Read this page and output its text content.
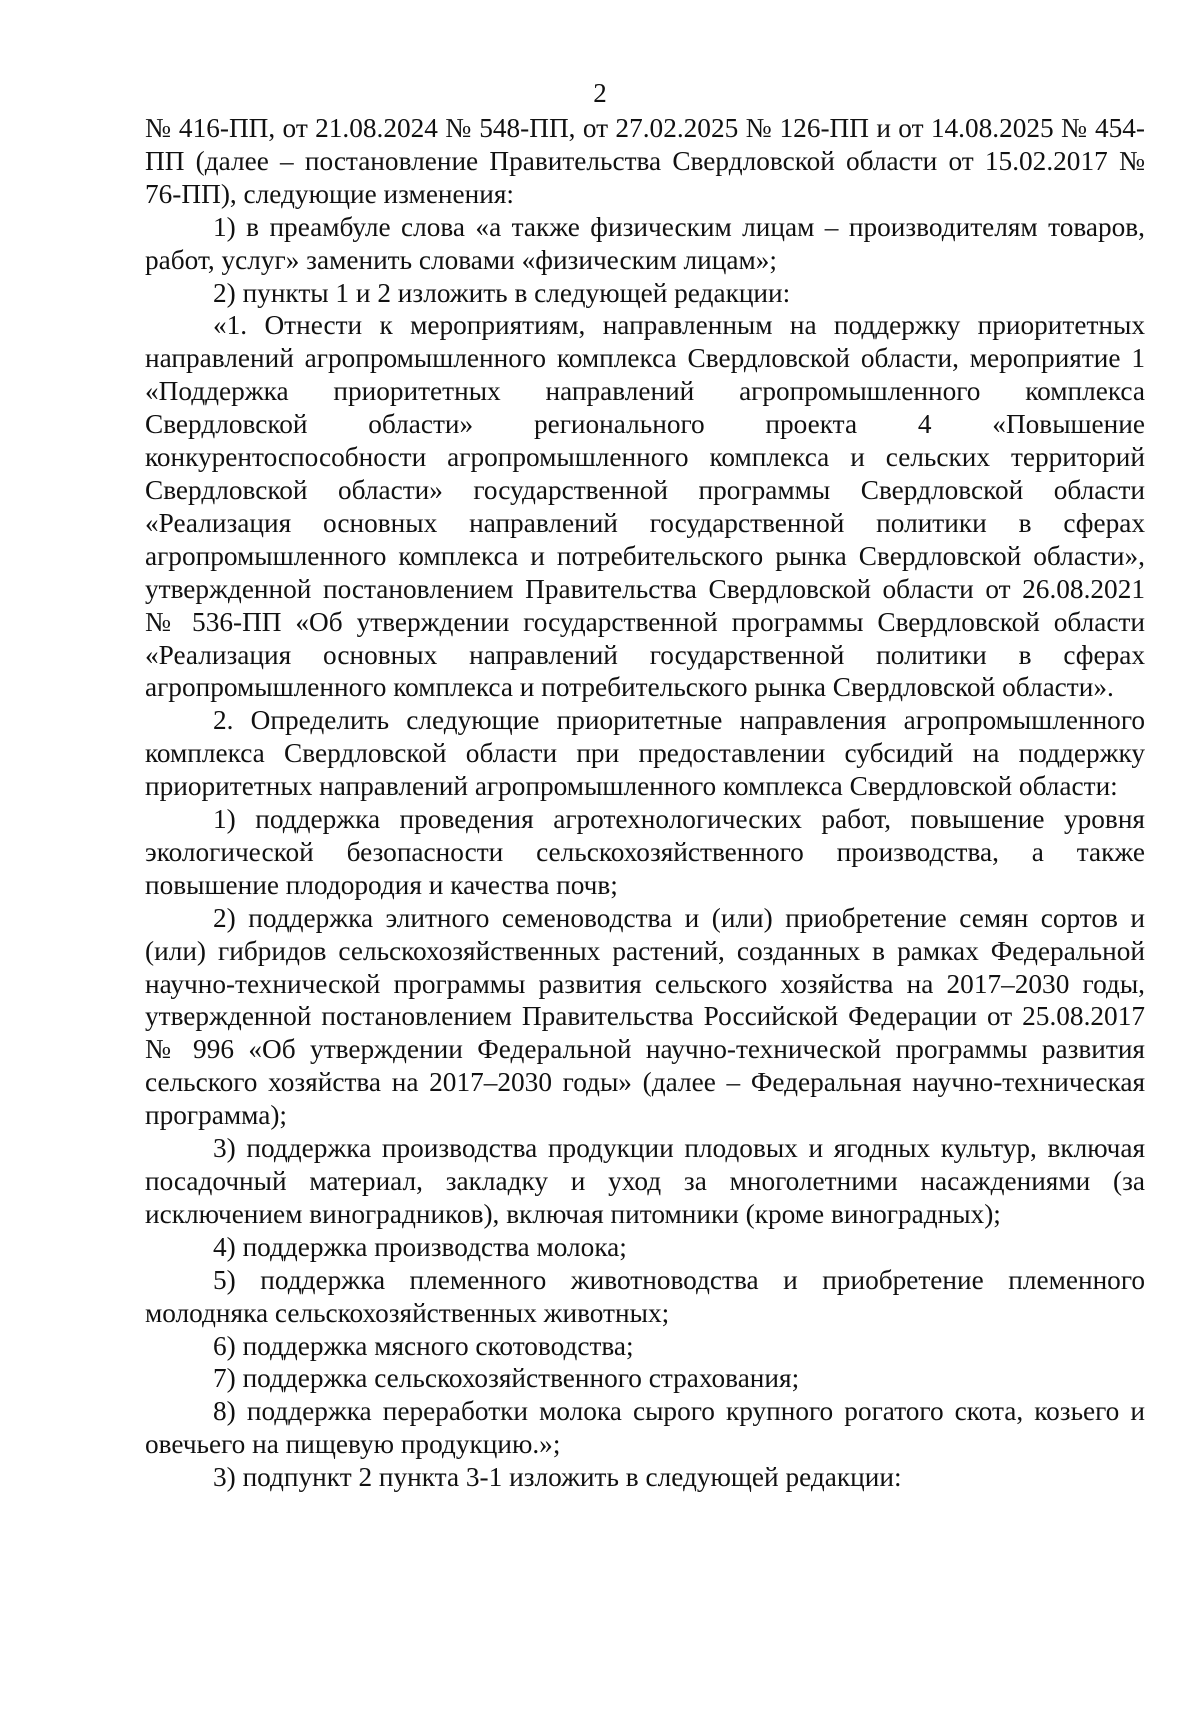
2

№ 416-ПП, от 21.08.2024 № 548-ПП, от 27.02.2025 № 126-ПП и от 14.08.2025 № 454-ПП (далее – постановление Правительства Свердловской области от 15.02.2017 № 76-ПП), следующие изменения:

1) в преамбуле слова «а также физическим лицам – производителям товаров, работ, услуг» заменить словами «физическим лицам»;

2) пункты 1 и 2 изложить в следующей редакции:

«1. Отнести к мероприятиям, направленным на поддержку приоритетных направлений агропромышленного комплекса Свердловской области, мероприятие 1 «Поддержка приоритетных направлений агропромышленного комплекса Свердловской области» регионального проекта 4 «Повышение конкурентоспособности агропромышленного комплекса и сельских территорий Свердловской области» государственной программы Свердловской области «Реализация основных направлений государственной политики в сферах агропромышленного комплекса и потребительского рынка Свердловской области», утвержденной постановлением Правительства Свердловской области от 26.08.2021 № 536-ПП «Об утверждении государственной программы Свердловской области «Реализация основных направлений государственной политики в сферах агропромышленного комплекса и потребительского рынка Свердловской области».

2. Определить следующие приоритетные направления агропромышленного комплекса Свердловской области при предоставлении субсидий на поддержку приоритетных направлений агропромышленного комплекса Свердловской области:

1) поддержка проведения агротехнологических работ, повышение уровня экологической безопасности сельскохозяйственного производства, а также повышение плодородия и качества почв;

2) поддержка элитного семеноводства и (или) приобретение семян сортов и (или) гибридов сельскохозяйственных растений, созданных в рамках Федеральной научно-технической программы развития сельского хозяйства на 2017–2030 годы, утвержденной постановлением Правительства Российской Федерации от 25.08.2017 № 996 «Об утверждении Федеральной научно-технической программы развития сельского хозяйства на 2017–2030 годы» (далее – Федеральная научно-техническая программа);

3) поддержка производства продукции плодовых и ягодных культур, включая посадочный материал, закладку и уход за многолетними насаждениями (за исключением виноградников), включая питомники (кроме виноградных);

4) поддержка производства молока;

5) поддержка племенного животноводства и приобретение племенного молодняка сельскохозяйственных животных;

6) поддержка мясного скотоводства;

7) поддержка сельскохозяйственного страхования;

8) поддержка переработки молока сырого крупного рогатого скота, козьего и овечьего на пищевую продукцию.»;

3) подпункт 2 пункта 3-1 изложить в следующей редакции:
